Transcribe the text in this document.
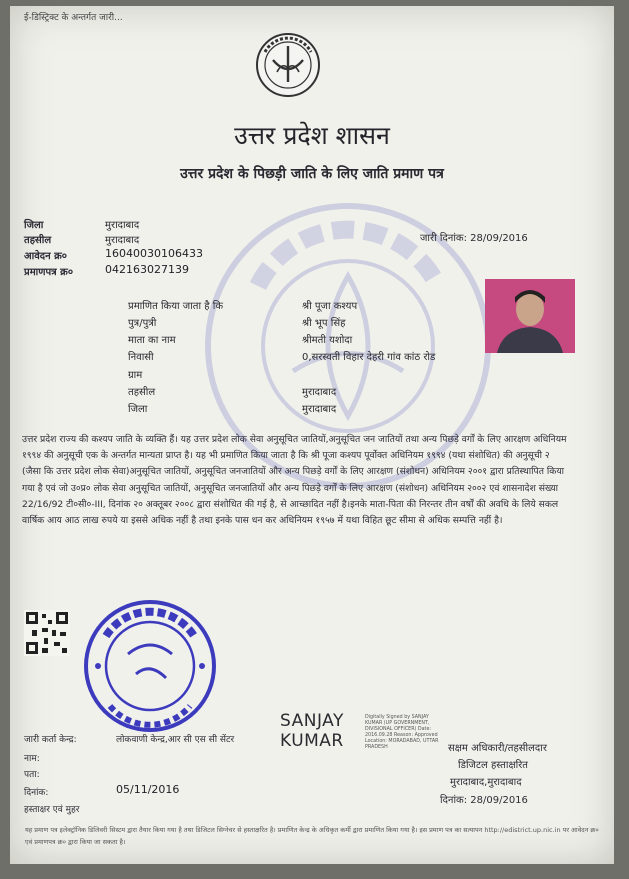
ई-डिस्ट्रिक्ट के अन्तर्गत जारी...
उत्तर प्रदेश शासन
उत्तर प्रदेश के पिछड़ी जाति के लिए जाति प्रमाण पत्र
जिला	मुरादाबाद
तहसील	मुरादाबाद
आवेदन क्र०	16040030106433
प्रमाणपत्र क्र०	042163027139
जारी दिनांक: 28/09/2016
प्रमाणित किया जाता है कि	श्री पूजा कश्यप
पुत्र/पुत्री	श्री भूप सिंह
माता का नाम	श्रीमती यशोदा
निवासी	0,सरस्वती विहार देहरी गांव कांठ रोड
ग्राम
तहसील	मुरादाबाद
जिला	मुरादाबाद
उत्तर प्रदेश राज्य की कश्यप जाति के व्यक्ति हैं। यह उत्तर प्रदेश लोक सेवा अनुसूचित जातियों,अनुसूचित जन जातियों तथा अन्य पिछड़े वर्गों के लिए आरक्षण अधिनियम १९९४ की अनुसूची एक के अन्तर्गत मान्यता प्राप्त है। यह भी प्रमाणित किया जाता है कि श्री पूजा कश्यप पूर्वोक्त अधिनियम १९९४ (यथा संशोधित) की अनुसूची २ (जैसा कि उत्तर प्रदेश लोक सेवा)अनुसूचित जातियों, अनुसूचित जनजातियों और अन्य पिछड़े वर्गों के लिए आरक्षण (संशोधन) अधिनियम २००१ द्वारा प्रतिस्थापित किया गया है एवं जो उ०प्र० लोक सेवा अनुसूचित जातियों, अनुसूचित जनजातियों और अन्य पिछड़े वर्गों के लिए आरक्षण (संशोधन) अधिनियम २००२ एवं शासनादेश संख्या 22/16/92 टी०सी०-III, दिनांक २० अक्तूबर २००८ द्वारा संशोधित की गई है, से आच्छादित नहीं है।इनके माता-पिता की निरन्तर तीन वर्षों की अवधि के लिये सकल वार्षिक आय आठ लाख रुपये या इससे अधिक नहीं है तथा इनके पास धन कर अधिनियम १९५७ में यथा विहित छूट सीमा से अधिक सम्पत्ति नहीं है।
जारी कर्ता केन्द्र:	लोकवाणी केन्द्र,आर सी एस सी सेंटर
नाम:
पता:
दिनांक:	05/11/2016
हस्ताक्षर एवं मुहर
SANJAY
KUMAR
Digitally Signed by SANJAY KUMAR (UP GOVERNMENT, DIVISIONAL OFFICER) Date: 2016.09.28 Reason: Approved Location: MORADABAD, UTTAR PRADESH	सक्षम अधिकारी/तहसीलदार
डिजिटल हस्ताक्षरित
मुरादाबाद,मुरादाबाद
दिनांक: 28/09/2016
यह प्रमाण पत्र इलेक्ट्रॉनिक डिलिवरी सिस्टम द्वारा तैयार किया गया है तथा डिजिटल सिग्नेचर से हस्ताक्षरित है। प्रमाणित केन्द्र के अधिकृत कर्मी द्वारा प्रमाणित किया गया है। इस प्रमाण पत्र का सत्यापन http://edistrict.up.nic.in पर आवेदन क्र० एवं प्रमाणपत्र क्र० द्वारा किया जा सकता है।
